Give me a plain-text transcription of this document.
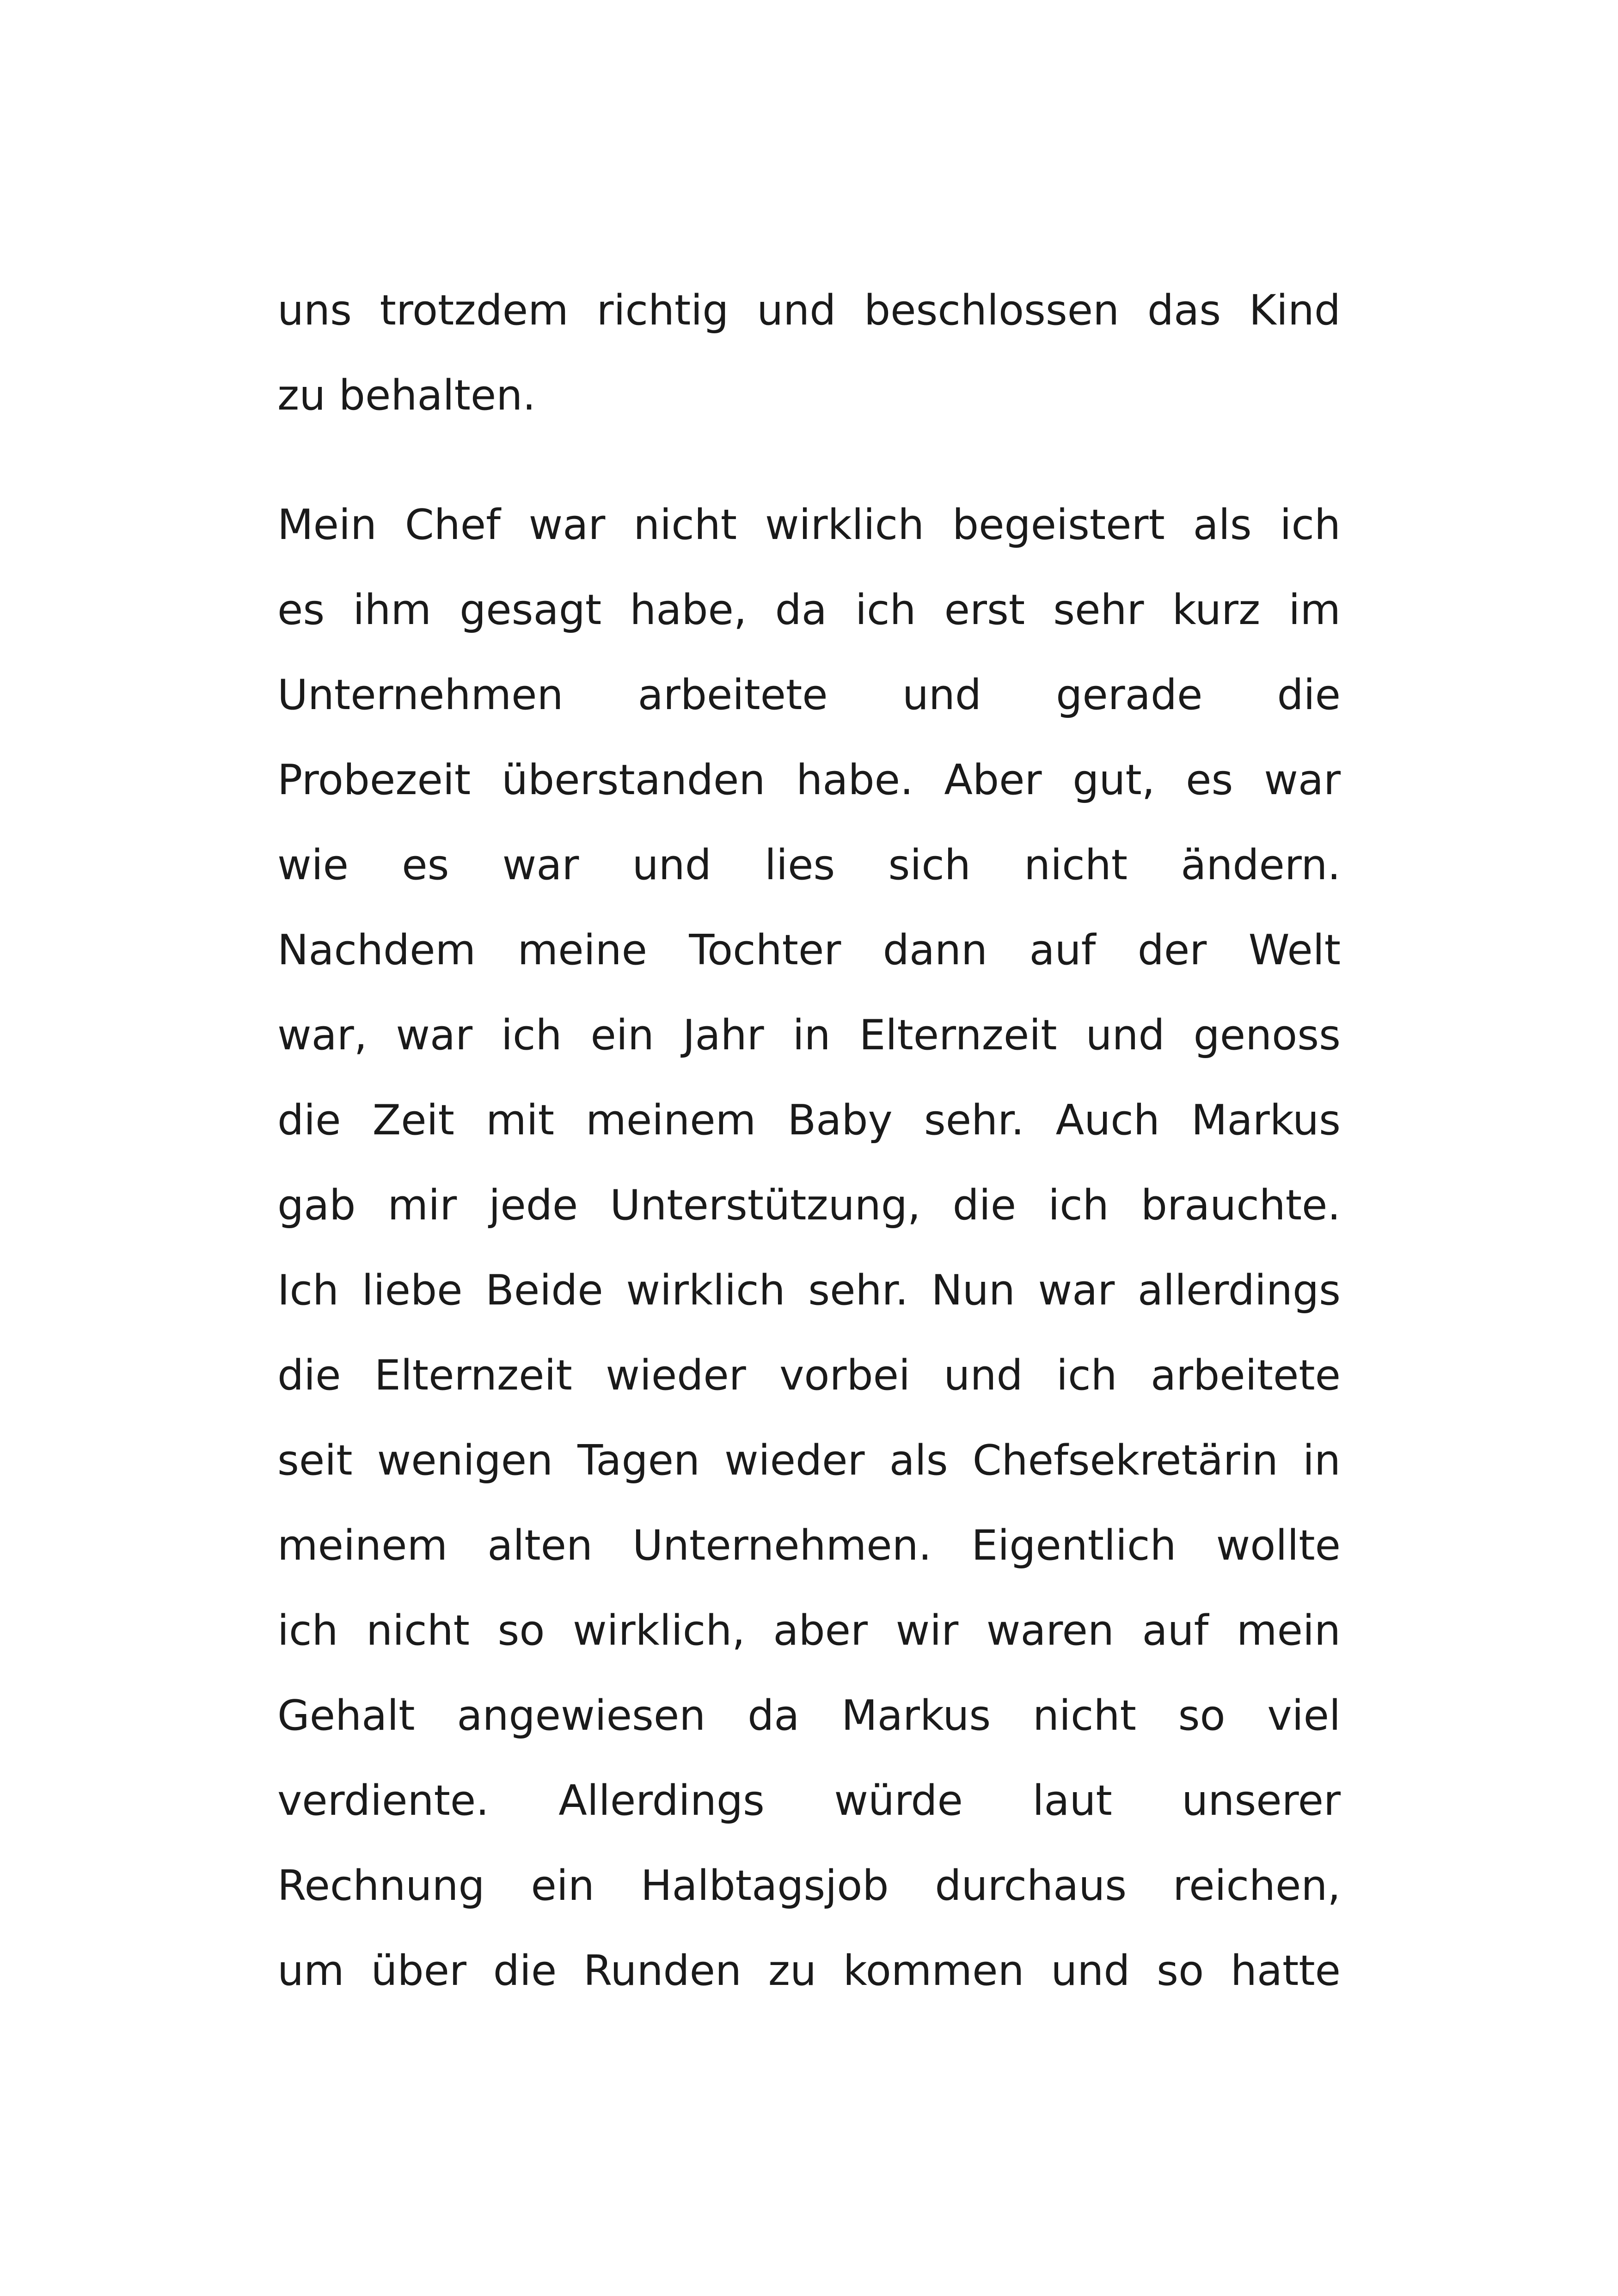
uns trotzdem richtig und beschlossen das Kind
zu behalten.
Mein Chef war nicht wirklich begeistert als ich
es ihm gesagt habe, da ich erst sehr kurz im
Unternehmen arbeitete und gerade die
Probezeit überstanden habe. Aber gut, es war
wie es war und lies sich nicht ändern.
Nachdem meine Tochter dann auf der Welt
war, war ich ein Jahr in Elternzeit und genoss
die Zeit mit meinem Baby sehr. Auch Markus
gab mir jede Unterstützung, die ich brauchte.
Ich liebe Beide wirklich sehr. Nun war allerdings
die Elternzeit wieder vorbei und ich arbeitete
seit wenigen Tagen wieder als Chefsekretärin in
meinem alten Unternehmen. Eigentlich wollte
ich nicht so wirklich, aber wir waren auf mein
Gehalt angewiesen da Markus nicht so viel
verdiente. Allerdings würde laut unserer
Rechnung ein Halbtagsjob durchaus reichen,
um über die Runden zu kommen und so hatte
